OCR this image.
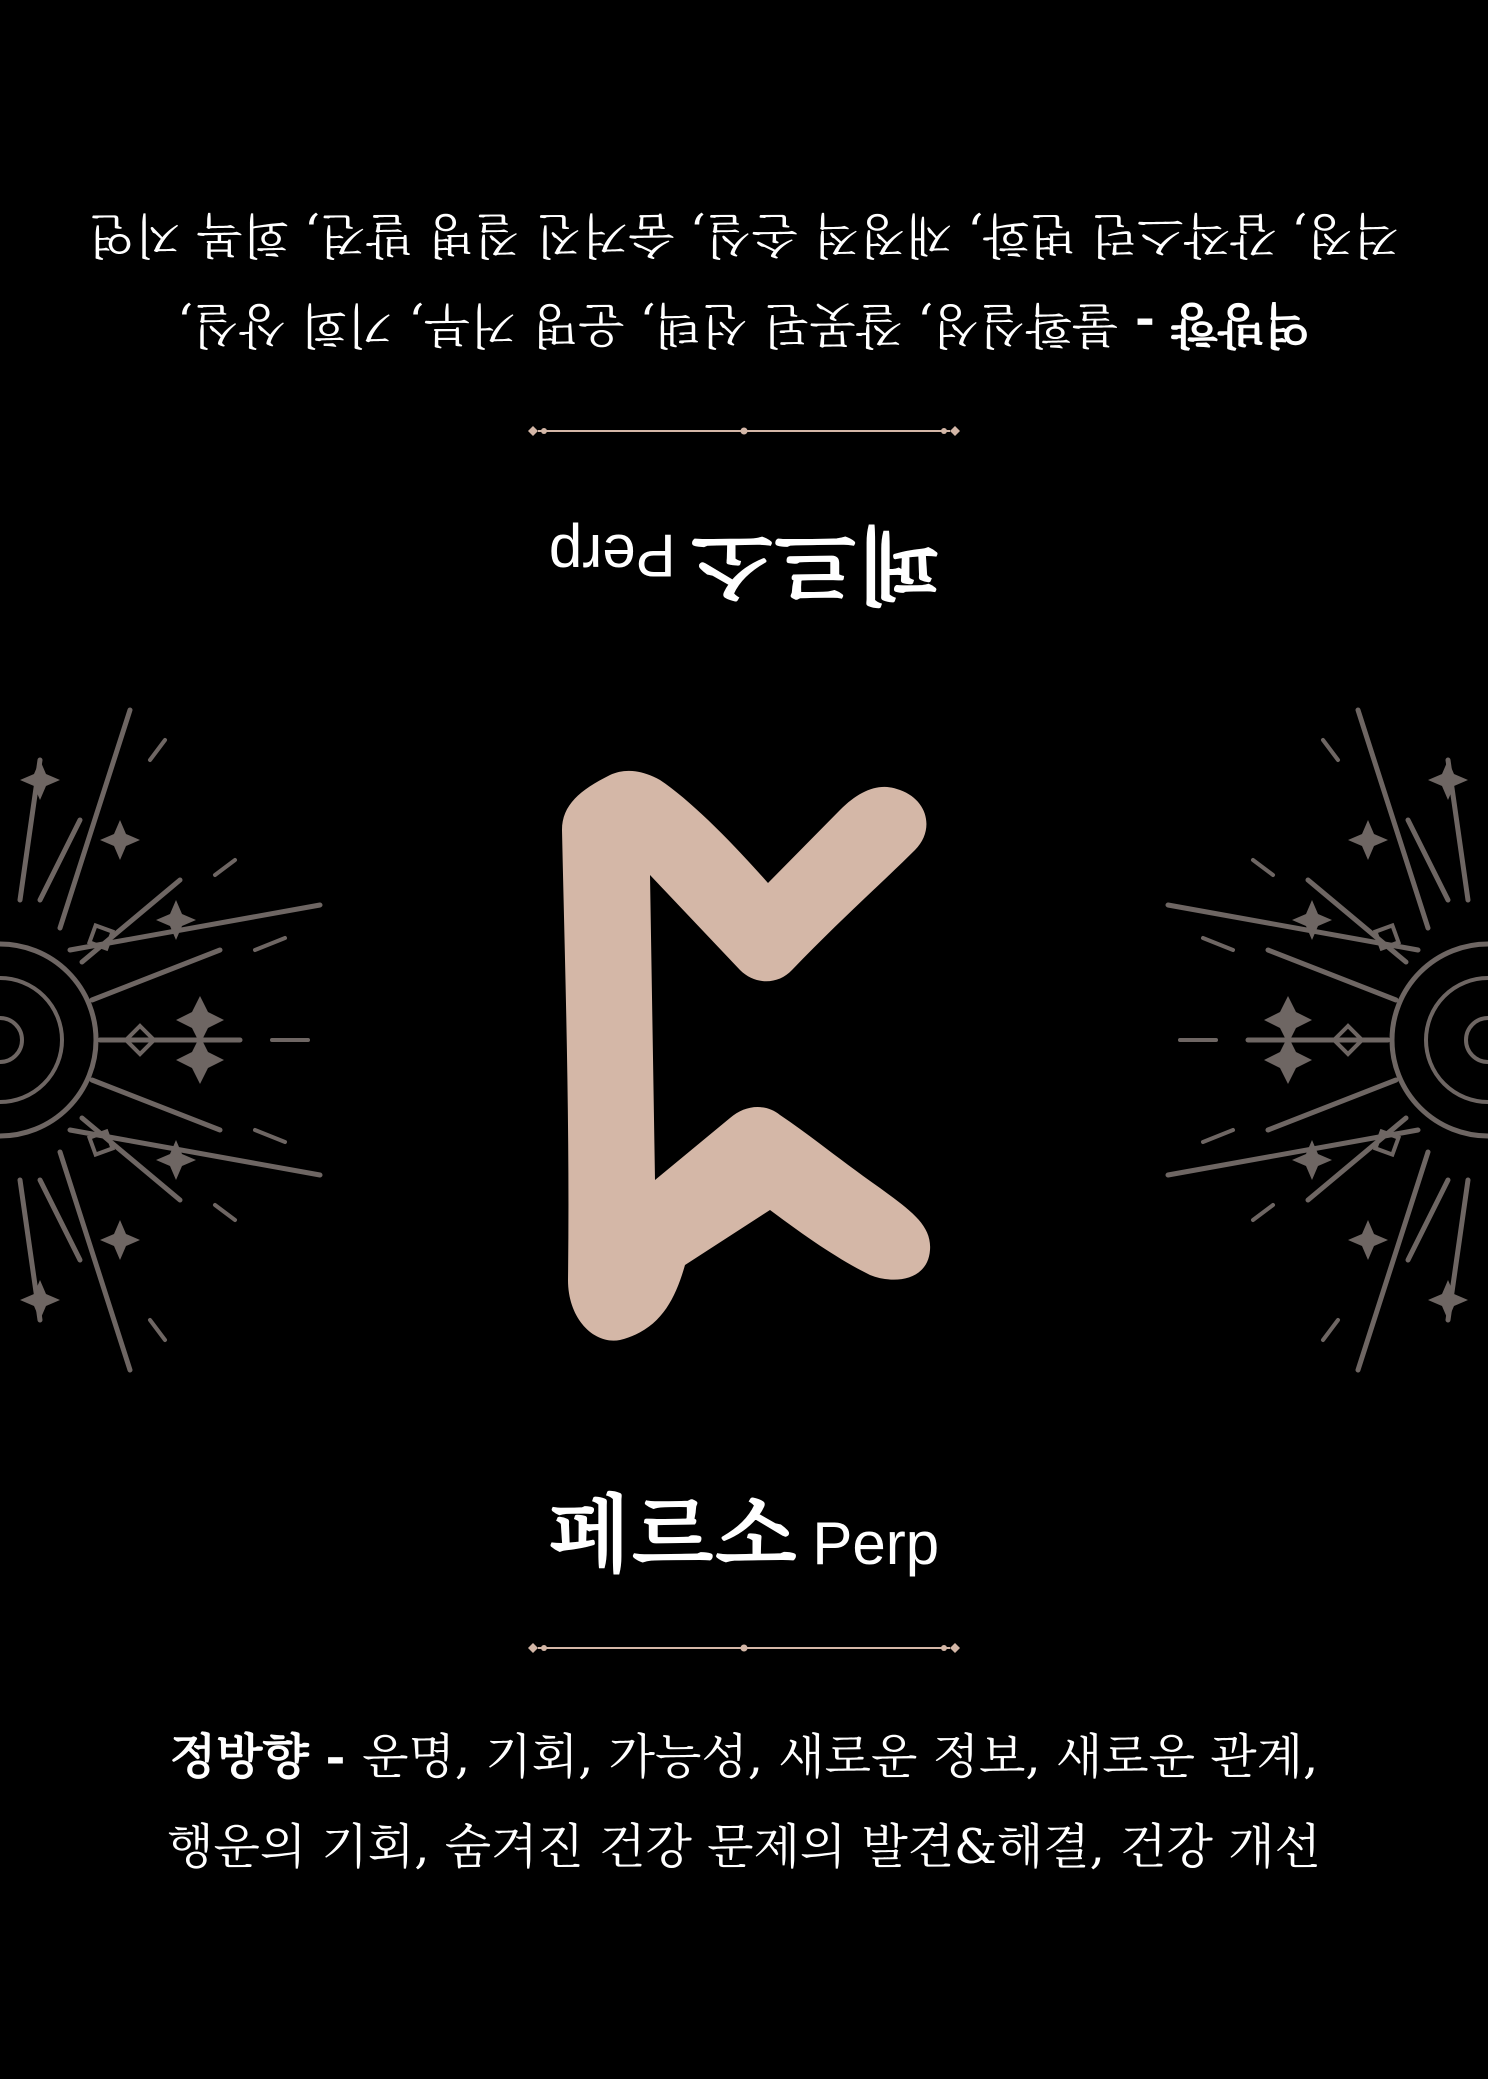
역방향 - 불확실성, 잘못된 선택, 운명 거부, 기회 상실,
걱정, 갑작스런 변화, 재정적 손실, 숨겨진 질병 발견, 회복 지연
페르소Perp
페르소 Perp
정방향 - 운명, 기회, 가능성, 새로운 정보, 새로운 관계,
행운의 기회, 숨겨진 건강 문제의 발견&해결, 건강 개선
